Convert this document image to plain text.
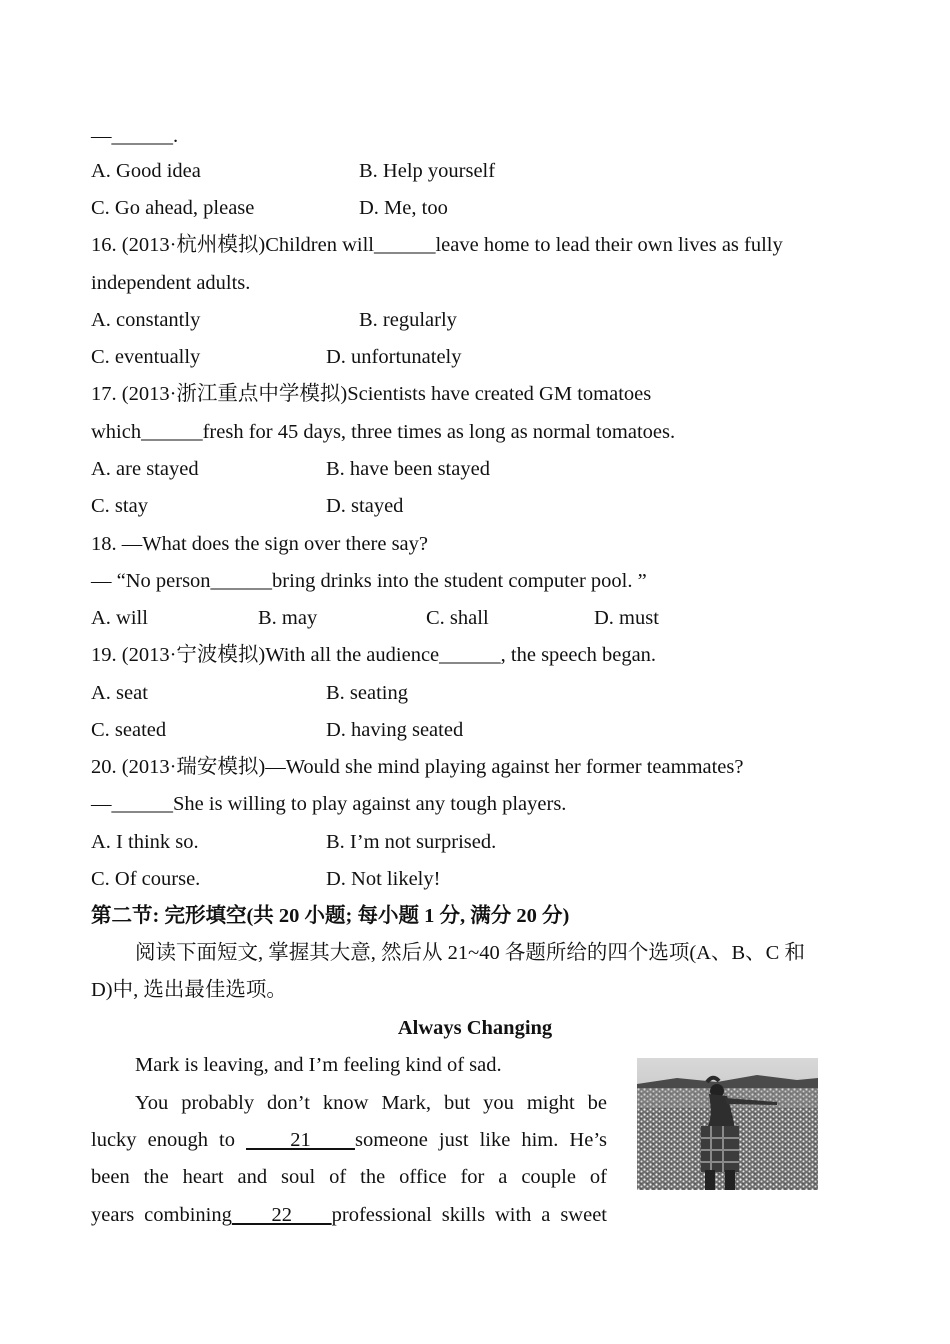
—______.
A. Good idea	B. Help yourself
C. Go ahead, please	D. Me, too
16. (2013·杭州模拟)Children will______leave home to lead their own lives as fully
independent adults.
A. constantly	B. regularly
C. eventually	D. unfortunately
17. (2013·浙江重点中学模拟)Scientists have created GM tomatoes
which______fresh for 45 days, three times as long as normal tomatoes.
A. are stayed	B. have been stayed
C. stay	D. stayed
18. —What does the sign over there say?
— “No person______bring drinks into the student computer pool. ”
A. will	B. may	C. shall	D. must
19. (2013·宁波模拟)With all the audience______, the speech began.
A. seat	B. seating
C. seated	D. having seated
20. (2013·瑞安模拟)—Would she mind playing against her former teammates?
—______She is willing to play against any tough players.
A. I think so.	B. I’m not surprised.
C. Of course.	D. Not likely!
第二节: 完形填空(共 20 小题; 每小题 1 分, 满分 20 分)
阅读下面短文, 掌握其大意, 然后从 21~40 各题所给的四个选项(A、B、C 和
D)中, 选出最佳选项。
Always Changing
Mark is leaving, and I’m feeling kind of sad.
You probably don’t know Mark, but you might be
lucky enough to     21    someone just like him. He’s
been the heart and soul of the office for a couple of
years combining    22    professional skills with a sweet
